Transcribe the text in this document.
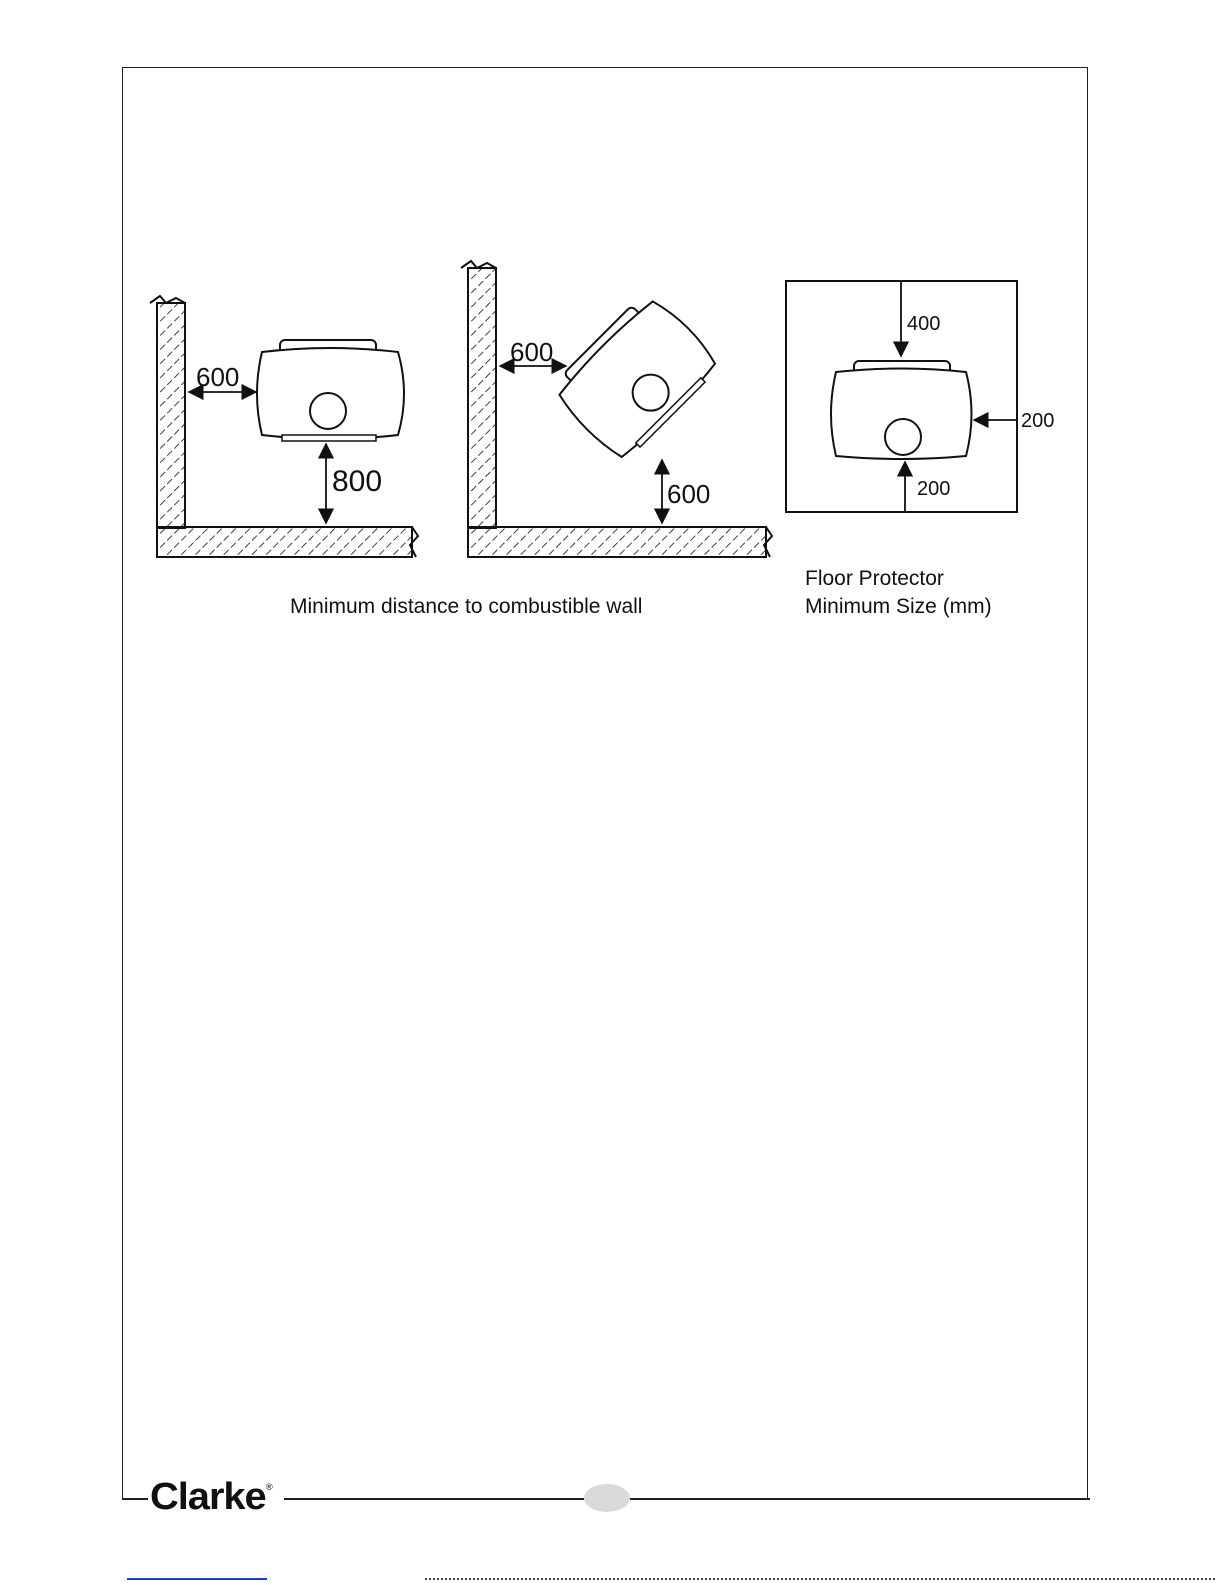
Clarke®
600
800
600
600
400
200
200
Minimum distance to combustible wall
Floor Protector
Minimum Size (mm)
